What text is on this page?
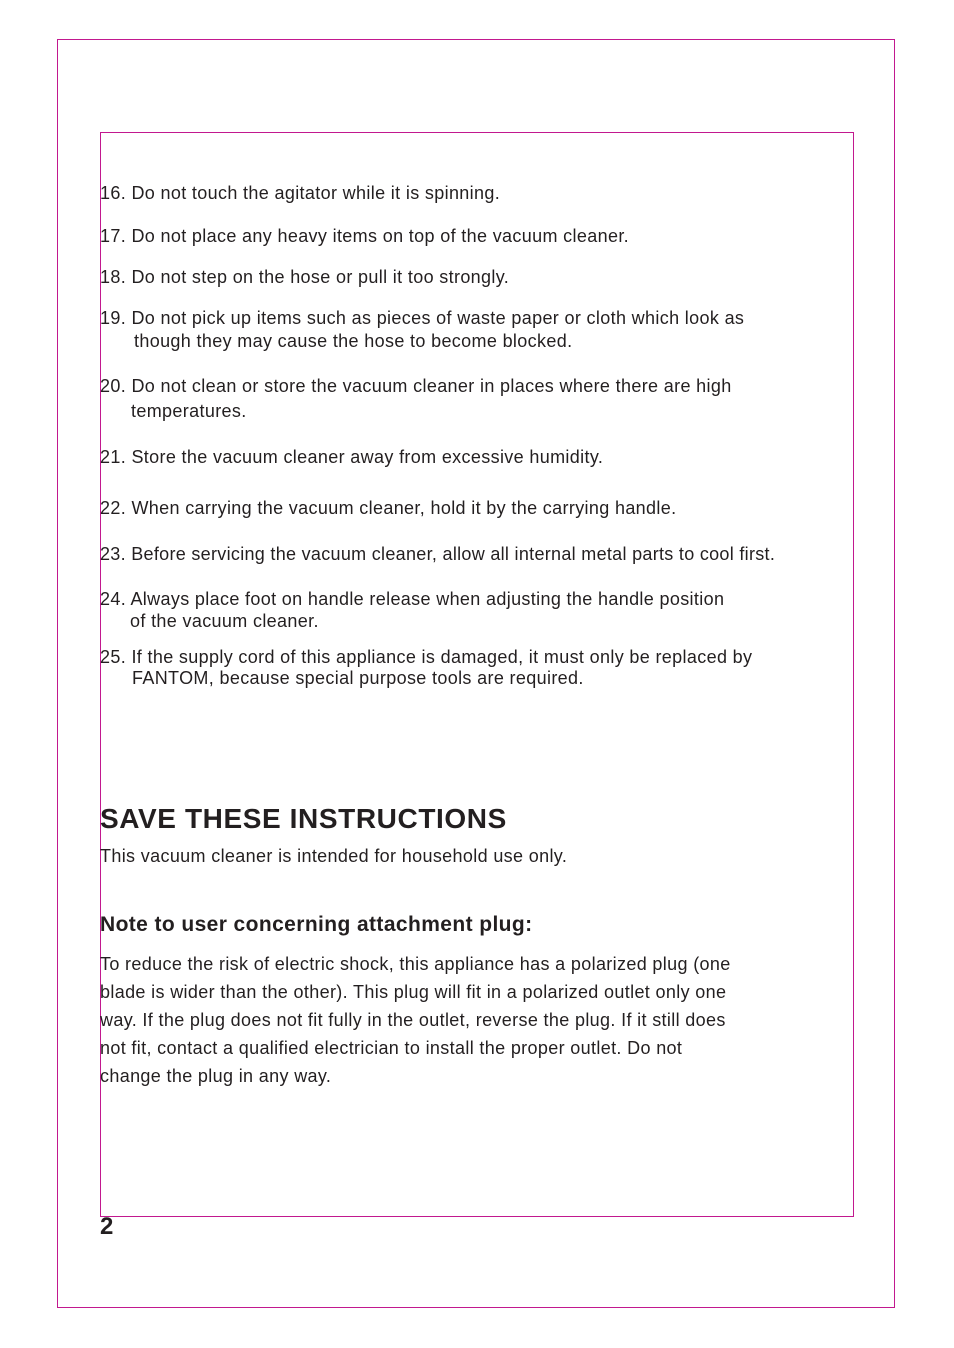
16. Do not touch the agitator while it is spinning.
17. Do not place any heavy items on top of the vacuum cleaner.
18. Do not step on the hose or pull it too strongly.
19. Do not pick up items such as pieces of waste paper or cloth which look as
though they may cause the hose to become blocked.
20. Do not clean or store the vacuum cleaner in places where there are high
temperatures.
21. Store the vacuum cleaner away from excessive humidity.
22. When carrying the vacuum cleaner, hold it by the carrying handle.
23. Before servicing the vacuum cleaner, allow all internal metal parts to cool first.
24. Always place foot on handle release when adjusting the handle position
of the vacuum cleaner.
25. If the supply cord of this appliance is damaged, it must only be replaced by
FANTOM, because special purpose tools are required.
SAVE THESE INSTRUCTIONS
This vacuum cleaner is intended for household use only.
Note to user concerning attachment plug:
To reduce the risk of electric shock, this appliance has a polarized plug (one
blade is wider than the other). This plug will fit in a polarized outlet only one
way. If the plug does not fit fully in the outlet, reverse the plug. If it still does
not fit, contact a qualified electrician to install the proper outlet. Do not
change the plug in any way.
2
